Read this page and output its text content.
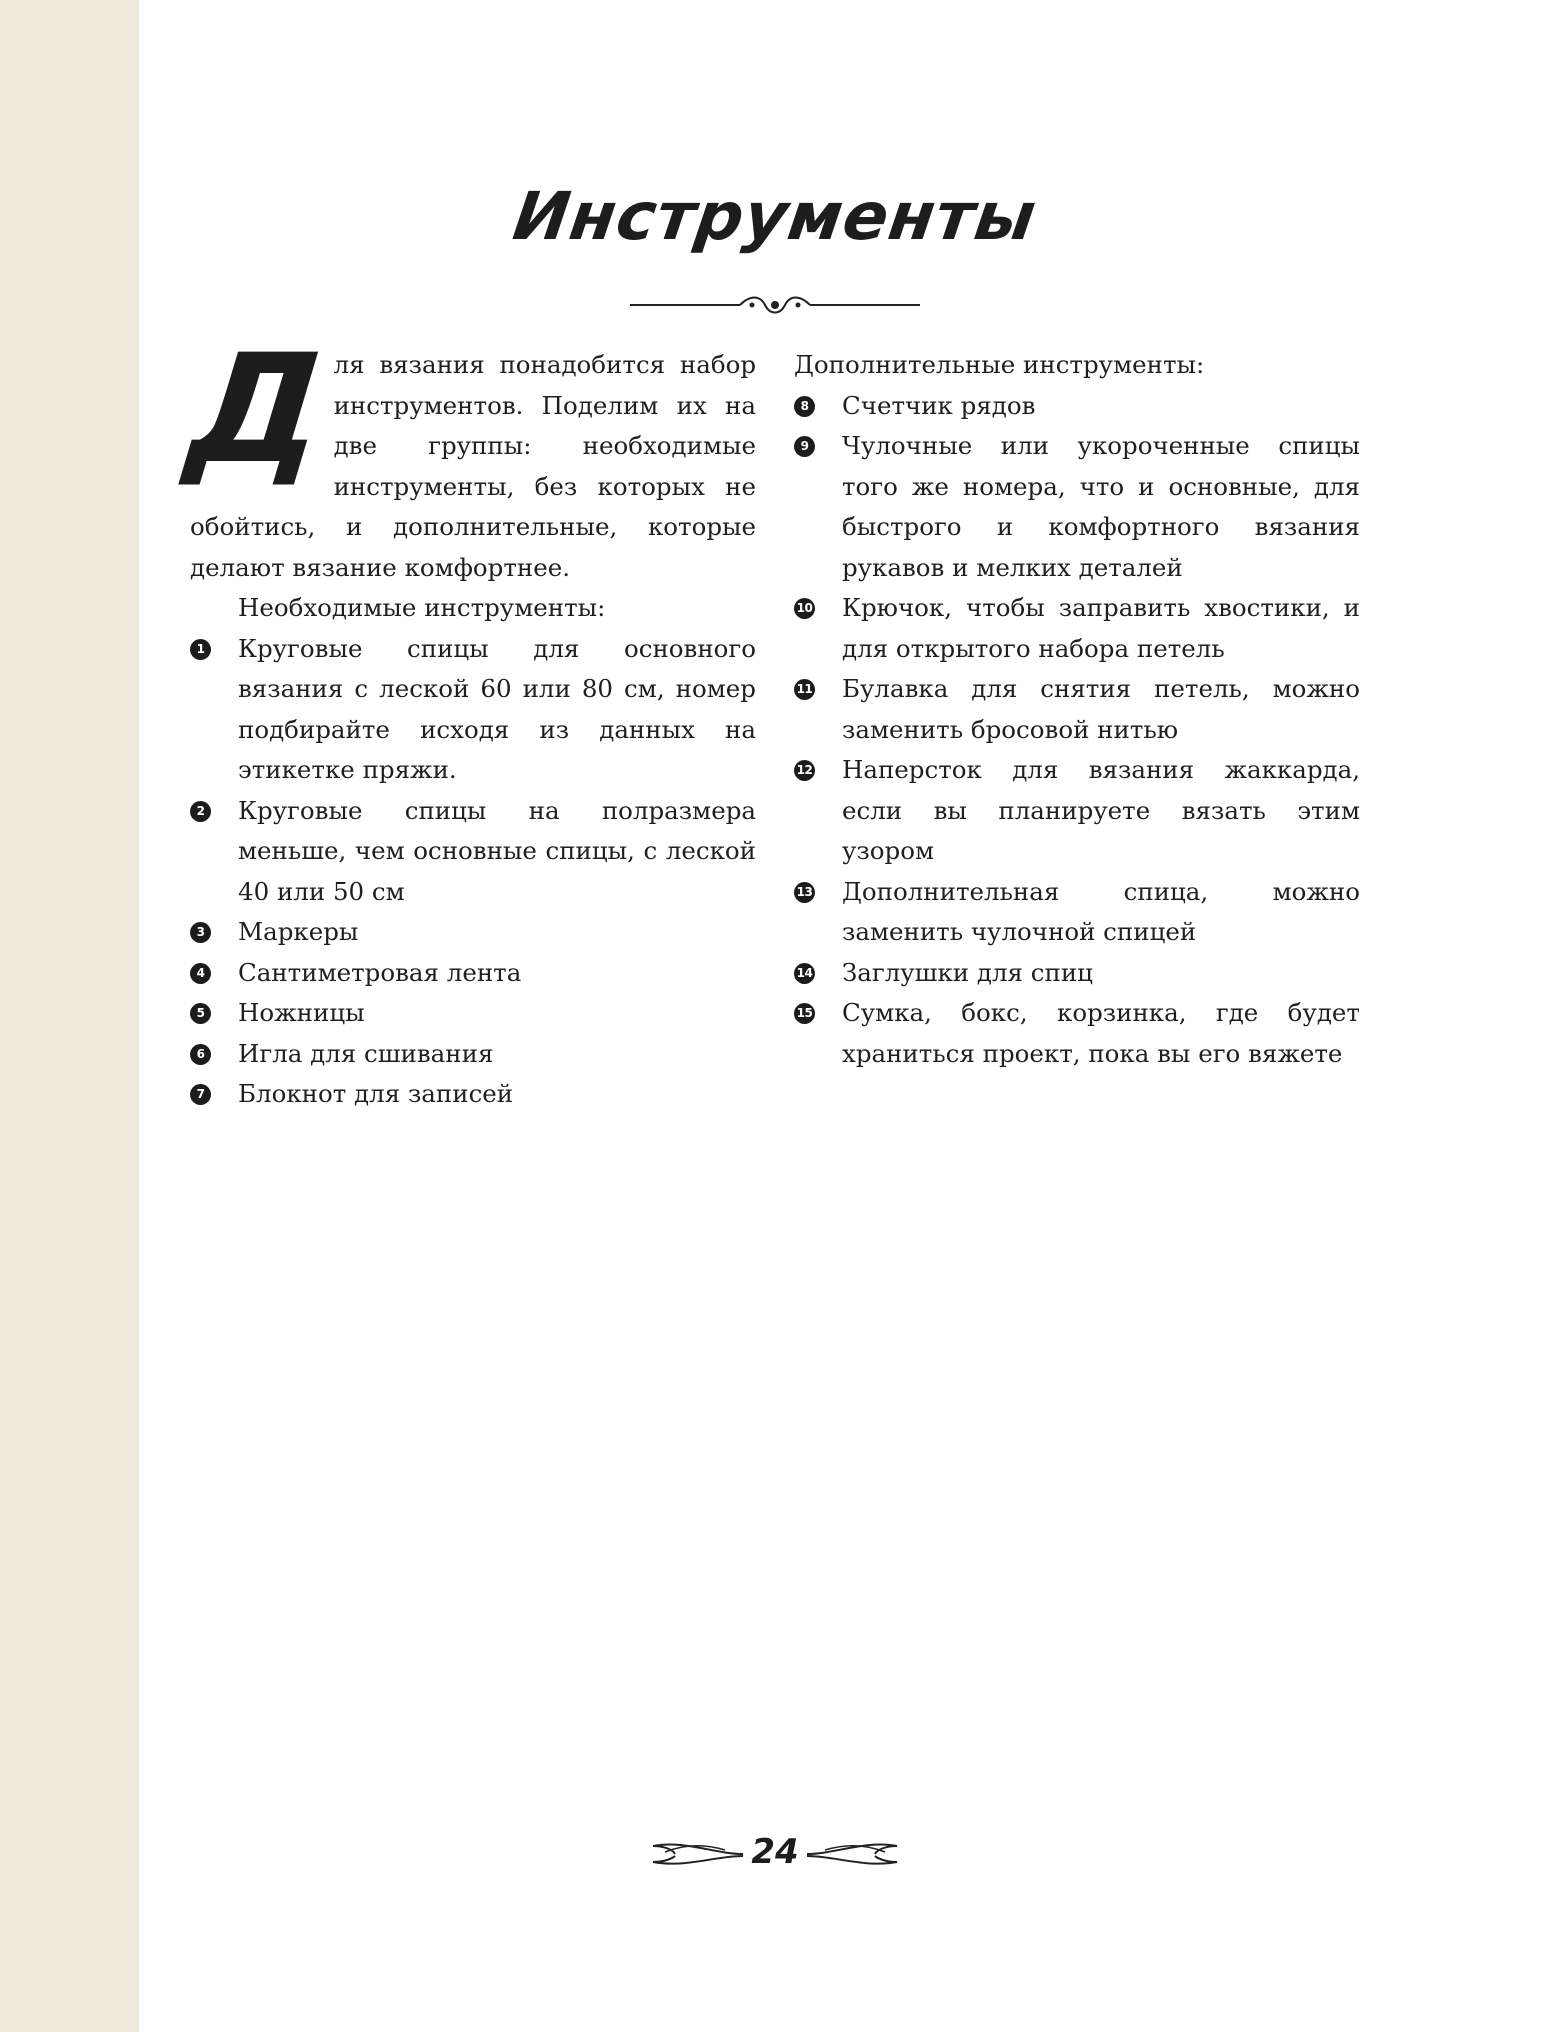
Инструменты

Для вязания понадобится набор инструментов. Поделим их на две группы: необходимые инструменты, без которых не обойтись, и дополнительные, которые делают вязание комфортнее.

Необходимые инструменты:

1 Круговые спицы для основного вязания с леской 60 или 80 см, номер подбирайте исходя из данных на этикетке пряжи.
2 Круговые спицы на полразмера меньше, чем основные спицы, с леской 40 или 50 см
3 Маркеры
4 Сантиметровая лента
5 Ножницы
6 Игла для сшивания
7 Блокнот для записей

Дополнительные инструменты:

8 Счетчик рядов
9 Чулочные или укороченные спицы того же номера, что и основные, для быстрого и комфортного вязания рукавов и мелких деталей
10 Крючок, чтобы заправить хвостики, и для открытого набора петель
11 Булавка для снятия петель, можно заменить бросовой нитью
12 Наперсток для вязания жаккарда, если вы планируете вязать этим узором
13 Дополнительная спица, можно заменить чулочной спицей
14 Заглушки для спиц
15 Сумка, бокс, корзинка, где будет храниться проект, пока вы его вяжете
24
